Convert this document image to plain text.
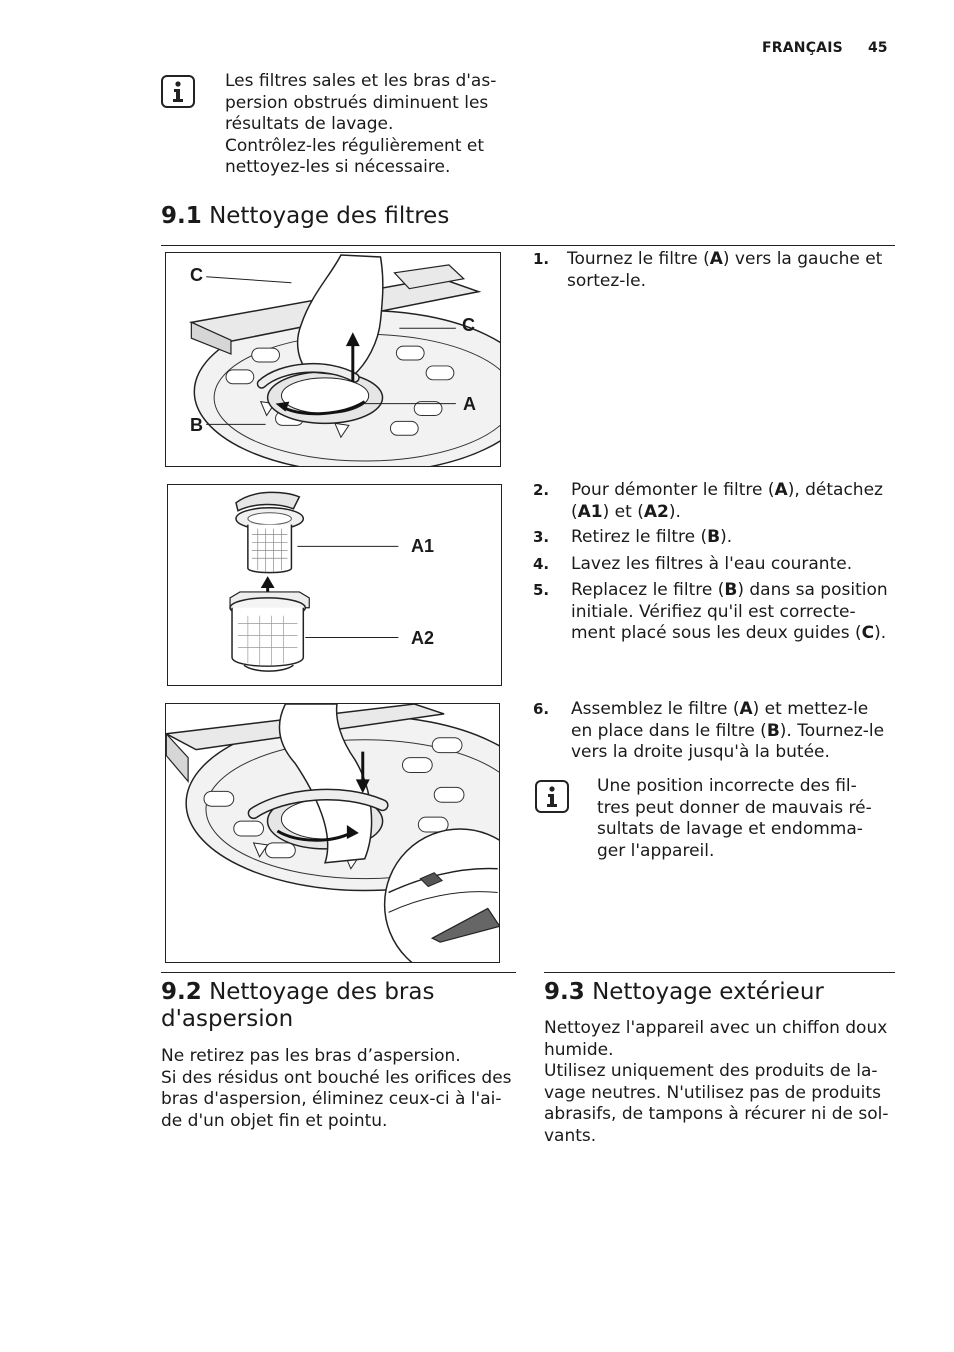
FRANÇAIS 45
Les filtres sales et les bras d'as-
persion obstrués diminuent les
résultats de lavage.
Contrôlez-les régulièrement et
nettoyez-les si nécessaire.
9.1 Nettoyage des filtres
C
C
A
B
1. Tournez le filtre (A) vers la gauche et
sortez-le.
A1
A2
2. Pour démonter le filtre (A), détachez
(A1) et (A2).
3. Retirez le filtre (B).
4. Lavez les filtres à l'eau courante.
5. Replacez le filtre (B) dans sa position
initiale. Vérifiez qu'il est correcte-
ment placé sous les deux guides (C).
6. Assemblez le filtre (A) et mettez-le
en place dans le filtre (B). Tournez-le
vers la droite jusqu'à la butée.
Une position incorrecte des fil-
tres peut donner de mauvais ré-
sultats de lavage et endomma-
ger l'appareil.
9.2 Nettoyage des bras
d'aspersion
Ne retirez pas les bras d’aspersion.
Si des résidus ont bouché les orifices des
bras d'aspersion, éliminez ceux-ci à l'ai-
de d'un objet fin et pointu.
9.3 Nettoyage extérieur
Nettoyez l'appareil avec un chiffon doux
humide.
Utilisez uniquement des produits de la-
vage neutres. N'utilisez pas de produits
abrasifs, de tampons à récurer ni de sol-
vants.
